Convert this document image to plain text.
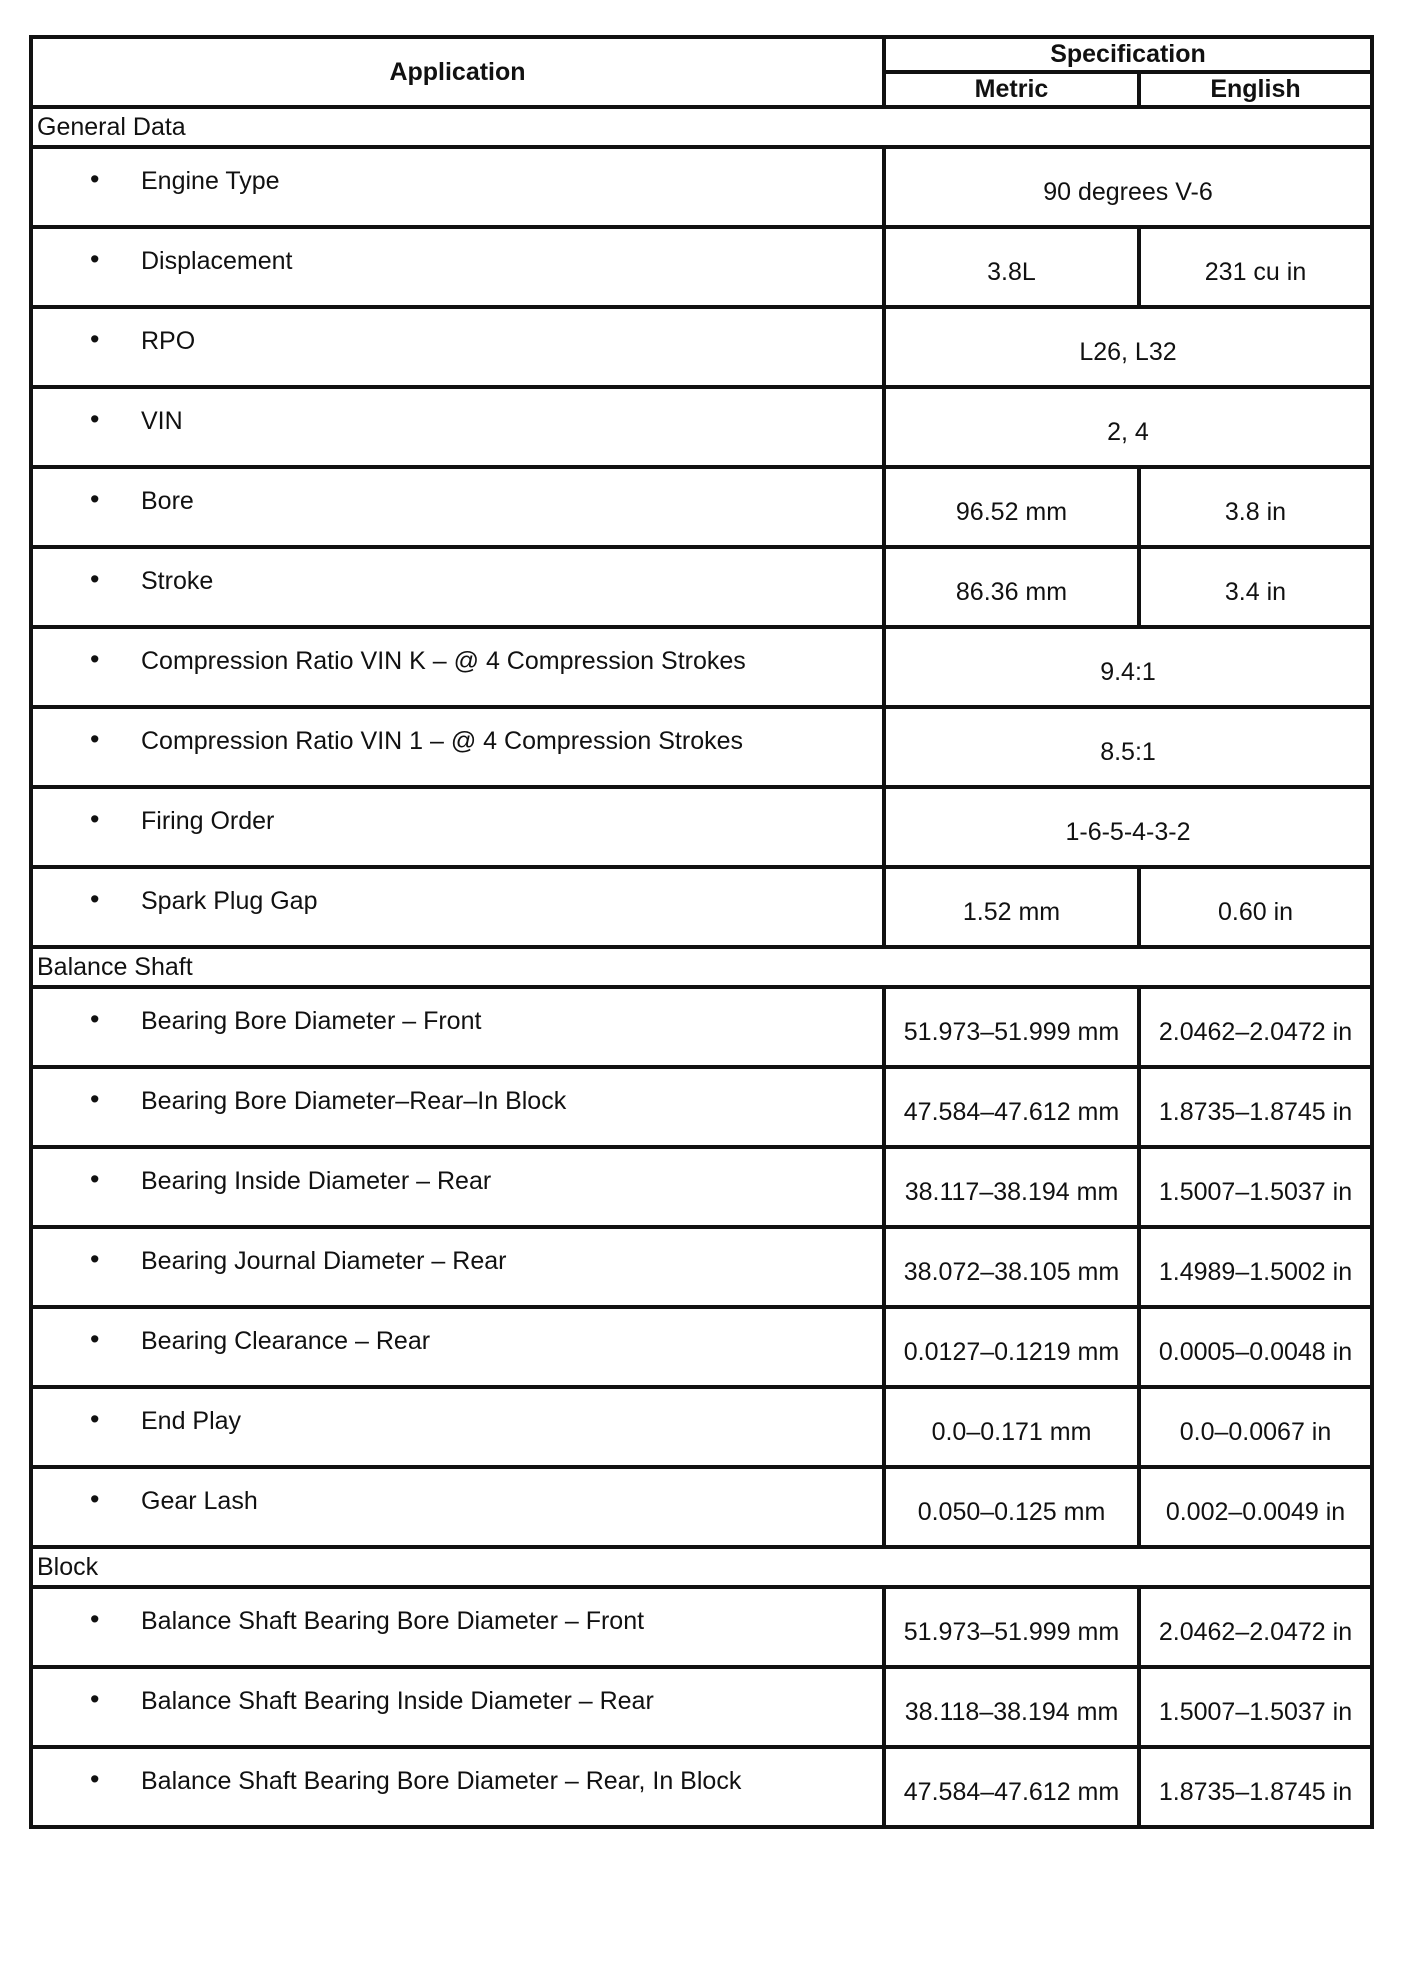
Application	Specification	
	Metric	English
General Data		

• Engine Type	90 degrees V-6	

• Displacement	3.8L	231 cu in

• RPO	L26, L32	

• VIN	2, 4	

• Bore	96.52 mm	3.8 in

• Stroke	86.36 mm	3.4 in

• Compression Ratio VIN K – @ 4 Compression Strokes	9.4:1	

• Compression Ratio VIN 1 – @ 4 Compression Strokes	8.5:1	

• Firing Order	1-6-5-4-3-2	

• Spark Plug Gap	1.52 mm	0.60 in
Balance Shaft		

• Bearing Bore Diameter – Front	51.973–51.999 mm	2.0462–2.0472 in

• Bearing Bore Diameter–Rear–In Block	47.584–47.612 mm	1.8735–1.8745 in

• Bearing Inside Diameter – Rear	38.117–38.194 mm	1.5007–1.5037 in

• Bearing Journal Diameter – Rear	38.072–38.105 mm	1.4989–1.5002 in

• Bearing Clearance – Rear	0.0127–0.1219 mm	0.0005–0.0048 in

• End Play	0.0–0.171 mm	0.0–0.0067 in

• Gear Lash	0.050–0.125 mm	0.002–0.0049 in
Block		

• Balance Shaft Bearing Bore Diameter – Front	51.973–51.999 mm	2.0462–2.0472 in

• Balance Shaft Bearing Inside Diameter – Rear	38.118–38.194 mm	1.5007–1.5037 in

• Balance Shaft Bearing Bore Diameter – Rear, In Block	47.584–47.612 mm	1.8735–1.8745 in
